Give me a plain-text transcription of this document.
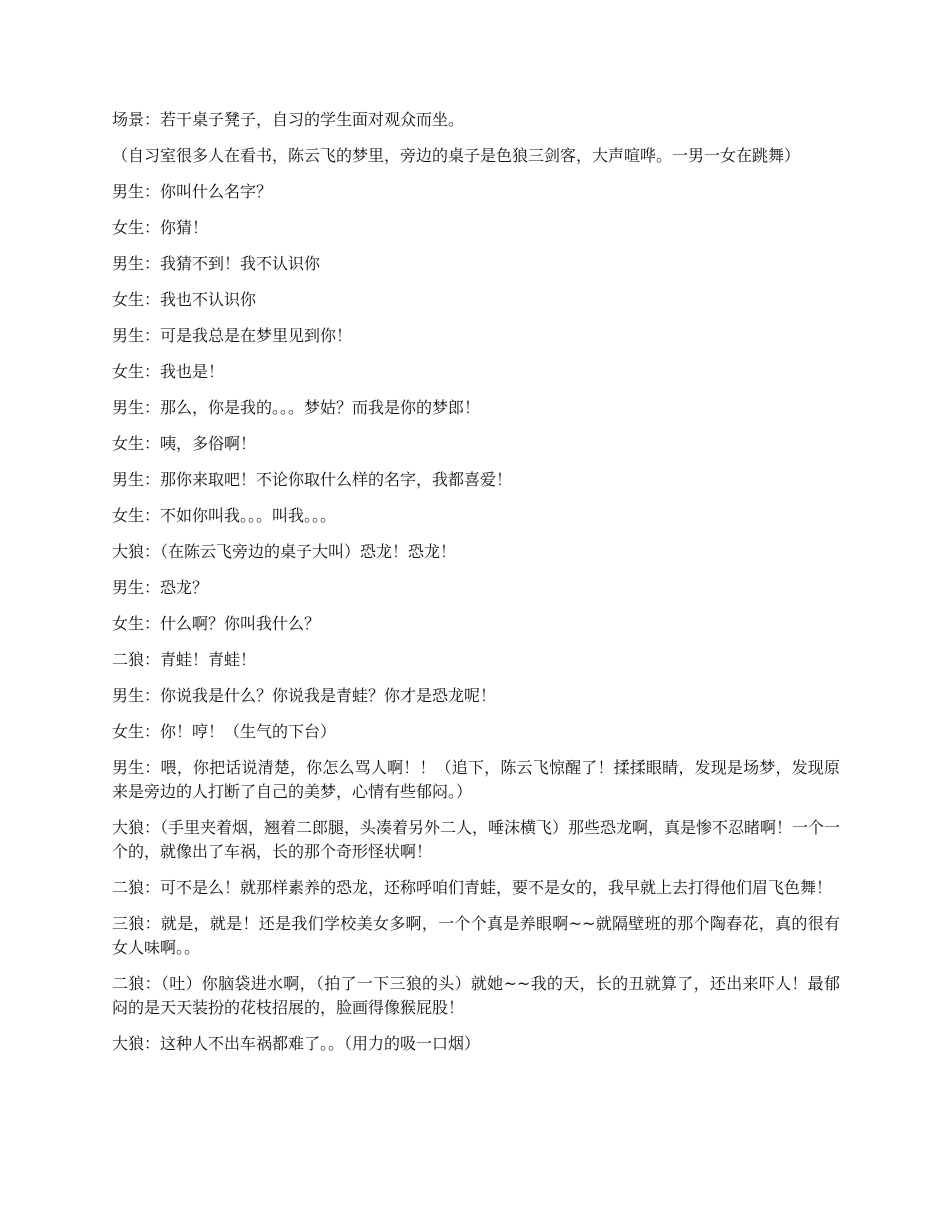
场景：若干桌子凳子，自习的学生面对观众而坐。

（自习室很多人在看书，陈云飞的梦里，旁边的桌子是色狼三剑客，大声喧哗。一男一女在跳舞）

男生：你叫什么名字？

女生：你猜！

男生：我猜不到！我不认识你

女生：我也不认识你

男生：可是我总是在梦里见到你！

女生：我也是！

男生：那么，你是我的。。。梦姑？而我是你的梦郎！

女生：咦，多俗啊！

男生：那你来取吧！不论你取什么样的名字，我都喜爱！

女生：不如你叫我。。。叫我。。。

大狼：（在陈云飞旁边的桌子大叫）恐龙！恐龙！

男生：恐龙？

女生：什么啊？你叫我什么？

二狼：青蛙！青蛙！

男生：你说我是什么？你说我是青蛙？你才是恐龙呢！

女生：你！哼！（生气的下台）

男生：喂，你把话说清楚，你怎么骂人啊！！（追下，陈云飞惊醒了！揉揉眼睛，发现是场梦，发现原来是旁边的人打断了自己的美梦，心情有些郁闷。）

大狼：（手里夹着烟，翘着二郎腿，头凑着另外二人，唾沫横飞）那些恐龙啊，真是惨不忍睹啊！一个一个的，就像出了车祸，长的那个奇形怪状啊！

二狼：可不是么！就那样素养的恐龙，还称呼咱们青蛙，要不是女的，我早就上去打得他们眉飞色舞！

三狼：就是，就是！还是我们学校美女多啊，一个个真是养眼啊~~就隔壁班的那个陶春花，真的很有女人味啊。。

二狼：（吐）你脑袋进水啊，（拍了一下三狼的头）就她~~我的天，长的丑就算了，还出来吓人！最郁闷的是天天装扮的花枝招展的，脸画得像猴屁股！

大狼：这种人不出车祸都难了。。（用力的吸一口烟）
